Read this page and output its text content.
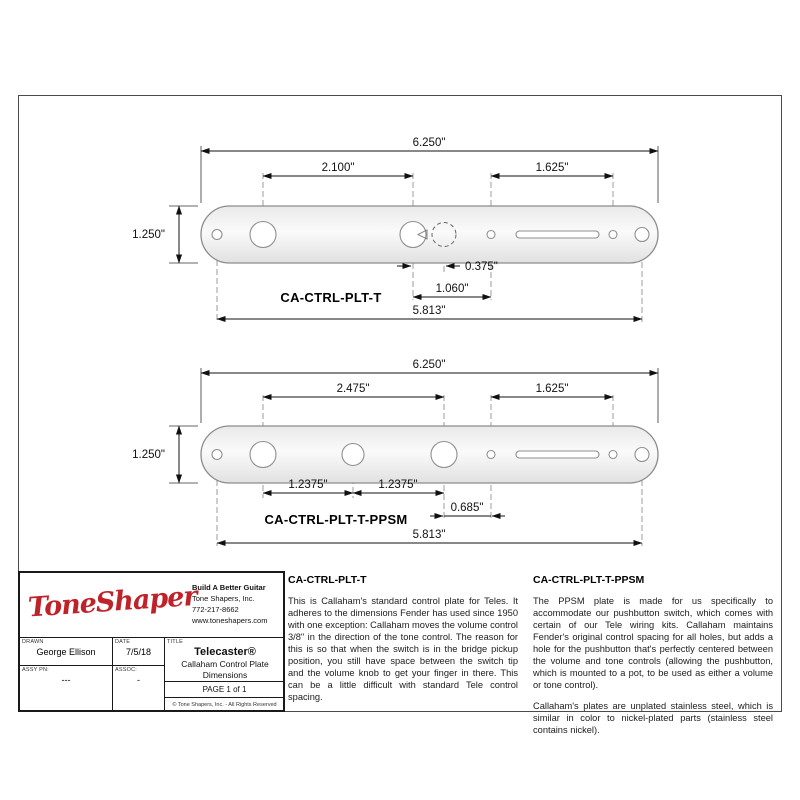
6.250"
2.100"	1.625"
1.250"
0.375"
1.060"
5.813"
CA-CTRL-PLT-T
6.250"
2.475"	1.625"
1.250"
1.2375"	1.2375"
0.685"
5.813"
CA-CTRL-PLT-T-PPSM
ToneShaper
Build A Better Guitar
Tone Shapers, Inc.
772-217-8662
www.toneshapers.com
DRAWN
George Ellison
DATE
7/5/18
ASSY PN:
---
ASSOC:
-
TITLE
Telecaster®
Callaham Control Plate
Dimensions
PAGE 1 of 1
© Tone Shapers, Inc. - All Rights Reserved
CA-CTRL-PLT-T

This is Callaham's standard control plate for Teles. It adheres to the dimensions Fender has used since 1950 with one exception: Callaham moves the volume control 3/8" in the direction of the tone control. The reason for this is so that when the switch is in the bridge pickup position, you still have space between the switch tip and the volume knob to get your finger in there. This can be a little difficult with standard Tele control spacing.

CA-CTRL-PLT-T-PPSM

The PPSM plate is made for us specifically to accommodate our pushbutton switch, which comes with certain of our Tele wiring kits. Callaham maintains Fender's original control spacing for all holes, but adds a hole for the pushbutton that's perfectly centered between the volume and tone controls (allowing the pushbutton, which is mounted to a pot, to be used as either a volume or tone control).

Callaham's plates are unplated stainless steel, which is similar in color to nickel-plated parts (stainless steel contains nickel).
